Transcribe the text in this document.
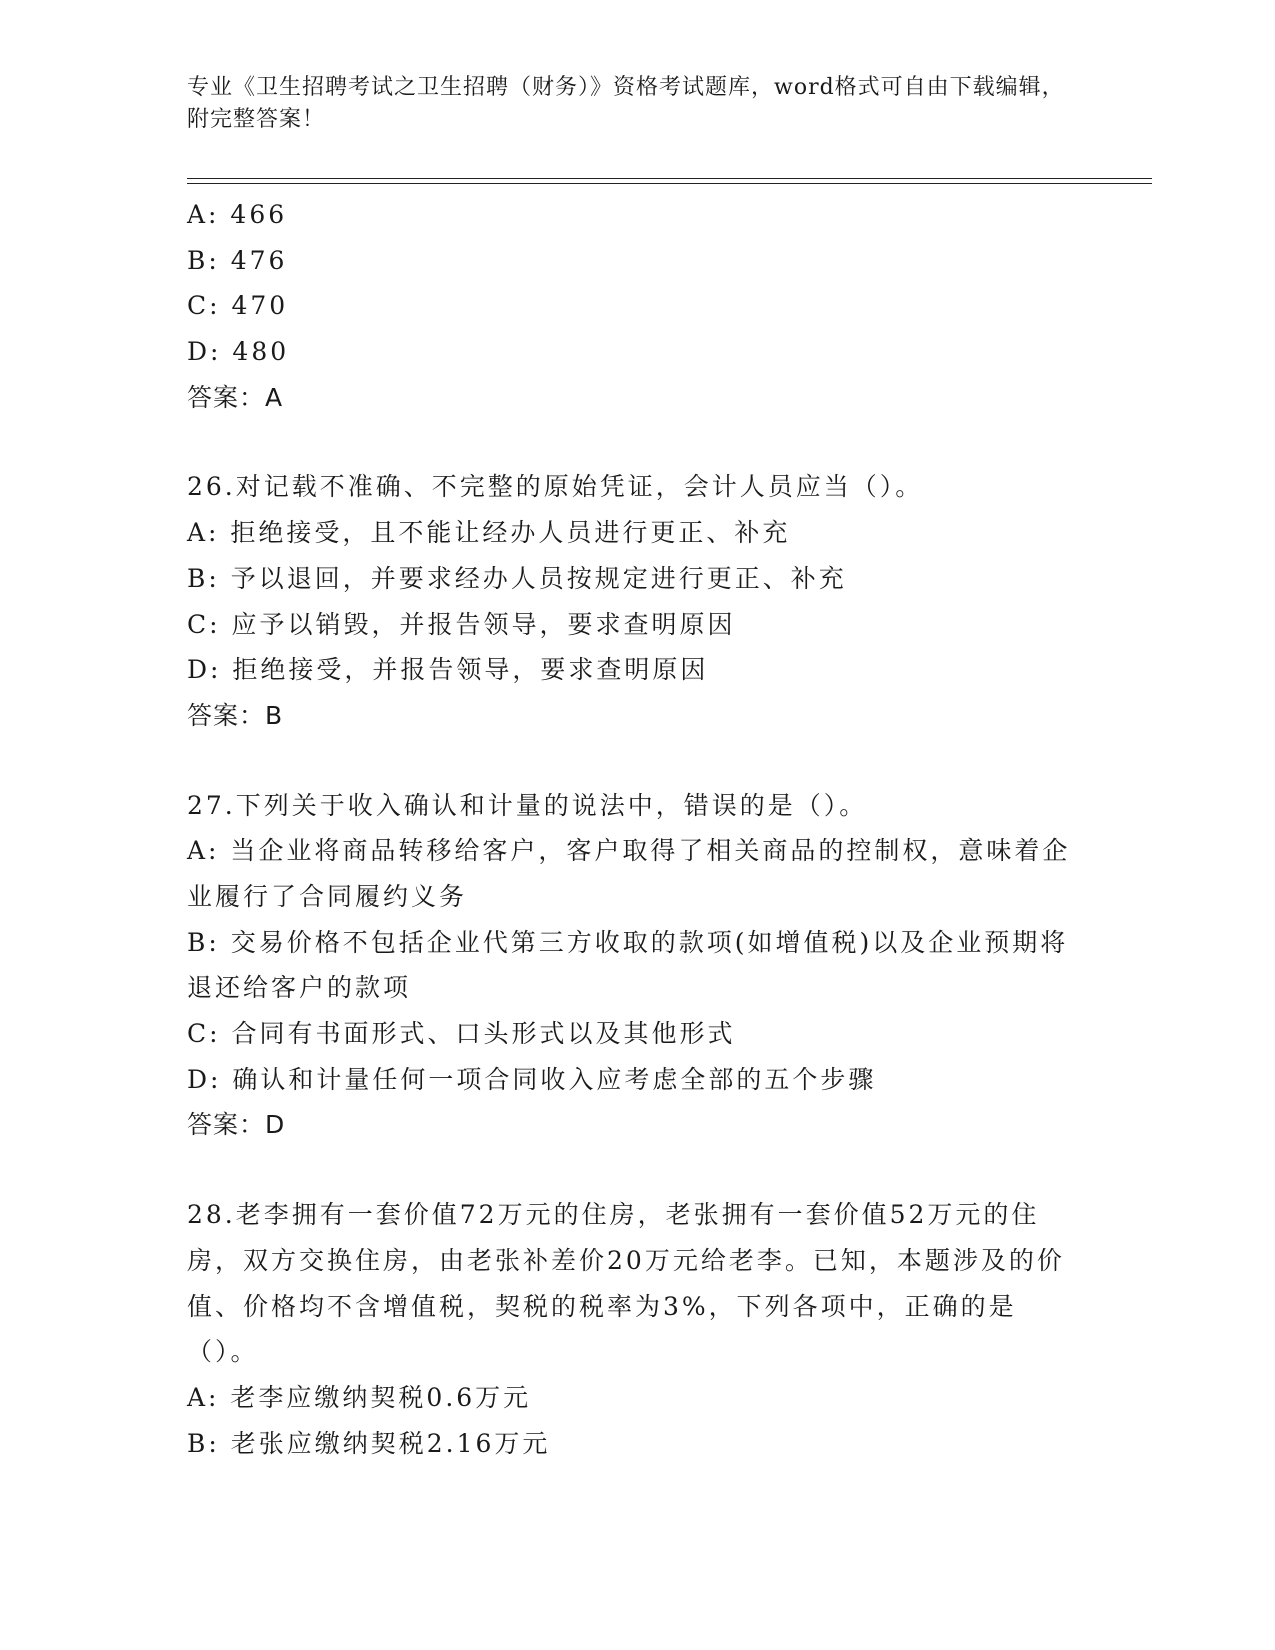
专业《卫生招聘考试之卫生招聘（财务）》资格考试题库，word格式可自由下载编辑，附完整答案！
A: 466
B: 476
C: 470
D: 480
答案：A
26.对记载不准确、不完整的原始凭证，会计人员应当（）。
A: 拒绝接受，且不能让经办人员进行更正、补充
B: 予以退回，并要求经办人员按规定进行更正、补充
C: 应予以销毁，并报告领导，要求查明原因
D: 拒绝接受，并报告领导，要求查明原因
答案：B
27.下列关于收入确认和计量的说法中，错误的是（）。
A: 当企业将商品转移给客户，客户取得了相关商品的控制权，意味着企业履行了合同履约义务
B: 交易价格不包括企业代第三方收取的款项(如增值税)以及企业预期将退还给客户的款项
C: 合同有书面形式、口头形式以及其他形式
D: 确认和计量任何一项合同收入应考虑全部的五个步骤
答案：D
28.老李拥有一套价值72万元的住房，老张拥有一套价值52万元的住房，双方交换住房，由老张补差价20万元给老李。已知，本题涉及的价值、价格均不含增值税，契税的税率为3%，下列各项中，正确的是（）。
A: 老李应缴纳契税0.6万元
B: 老张应缴纳契税2.16万元
